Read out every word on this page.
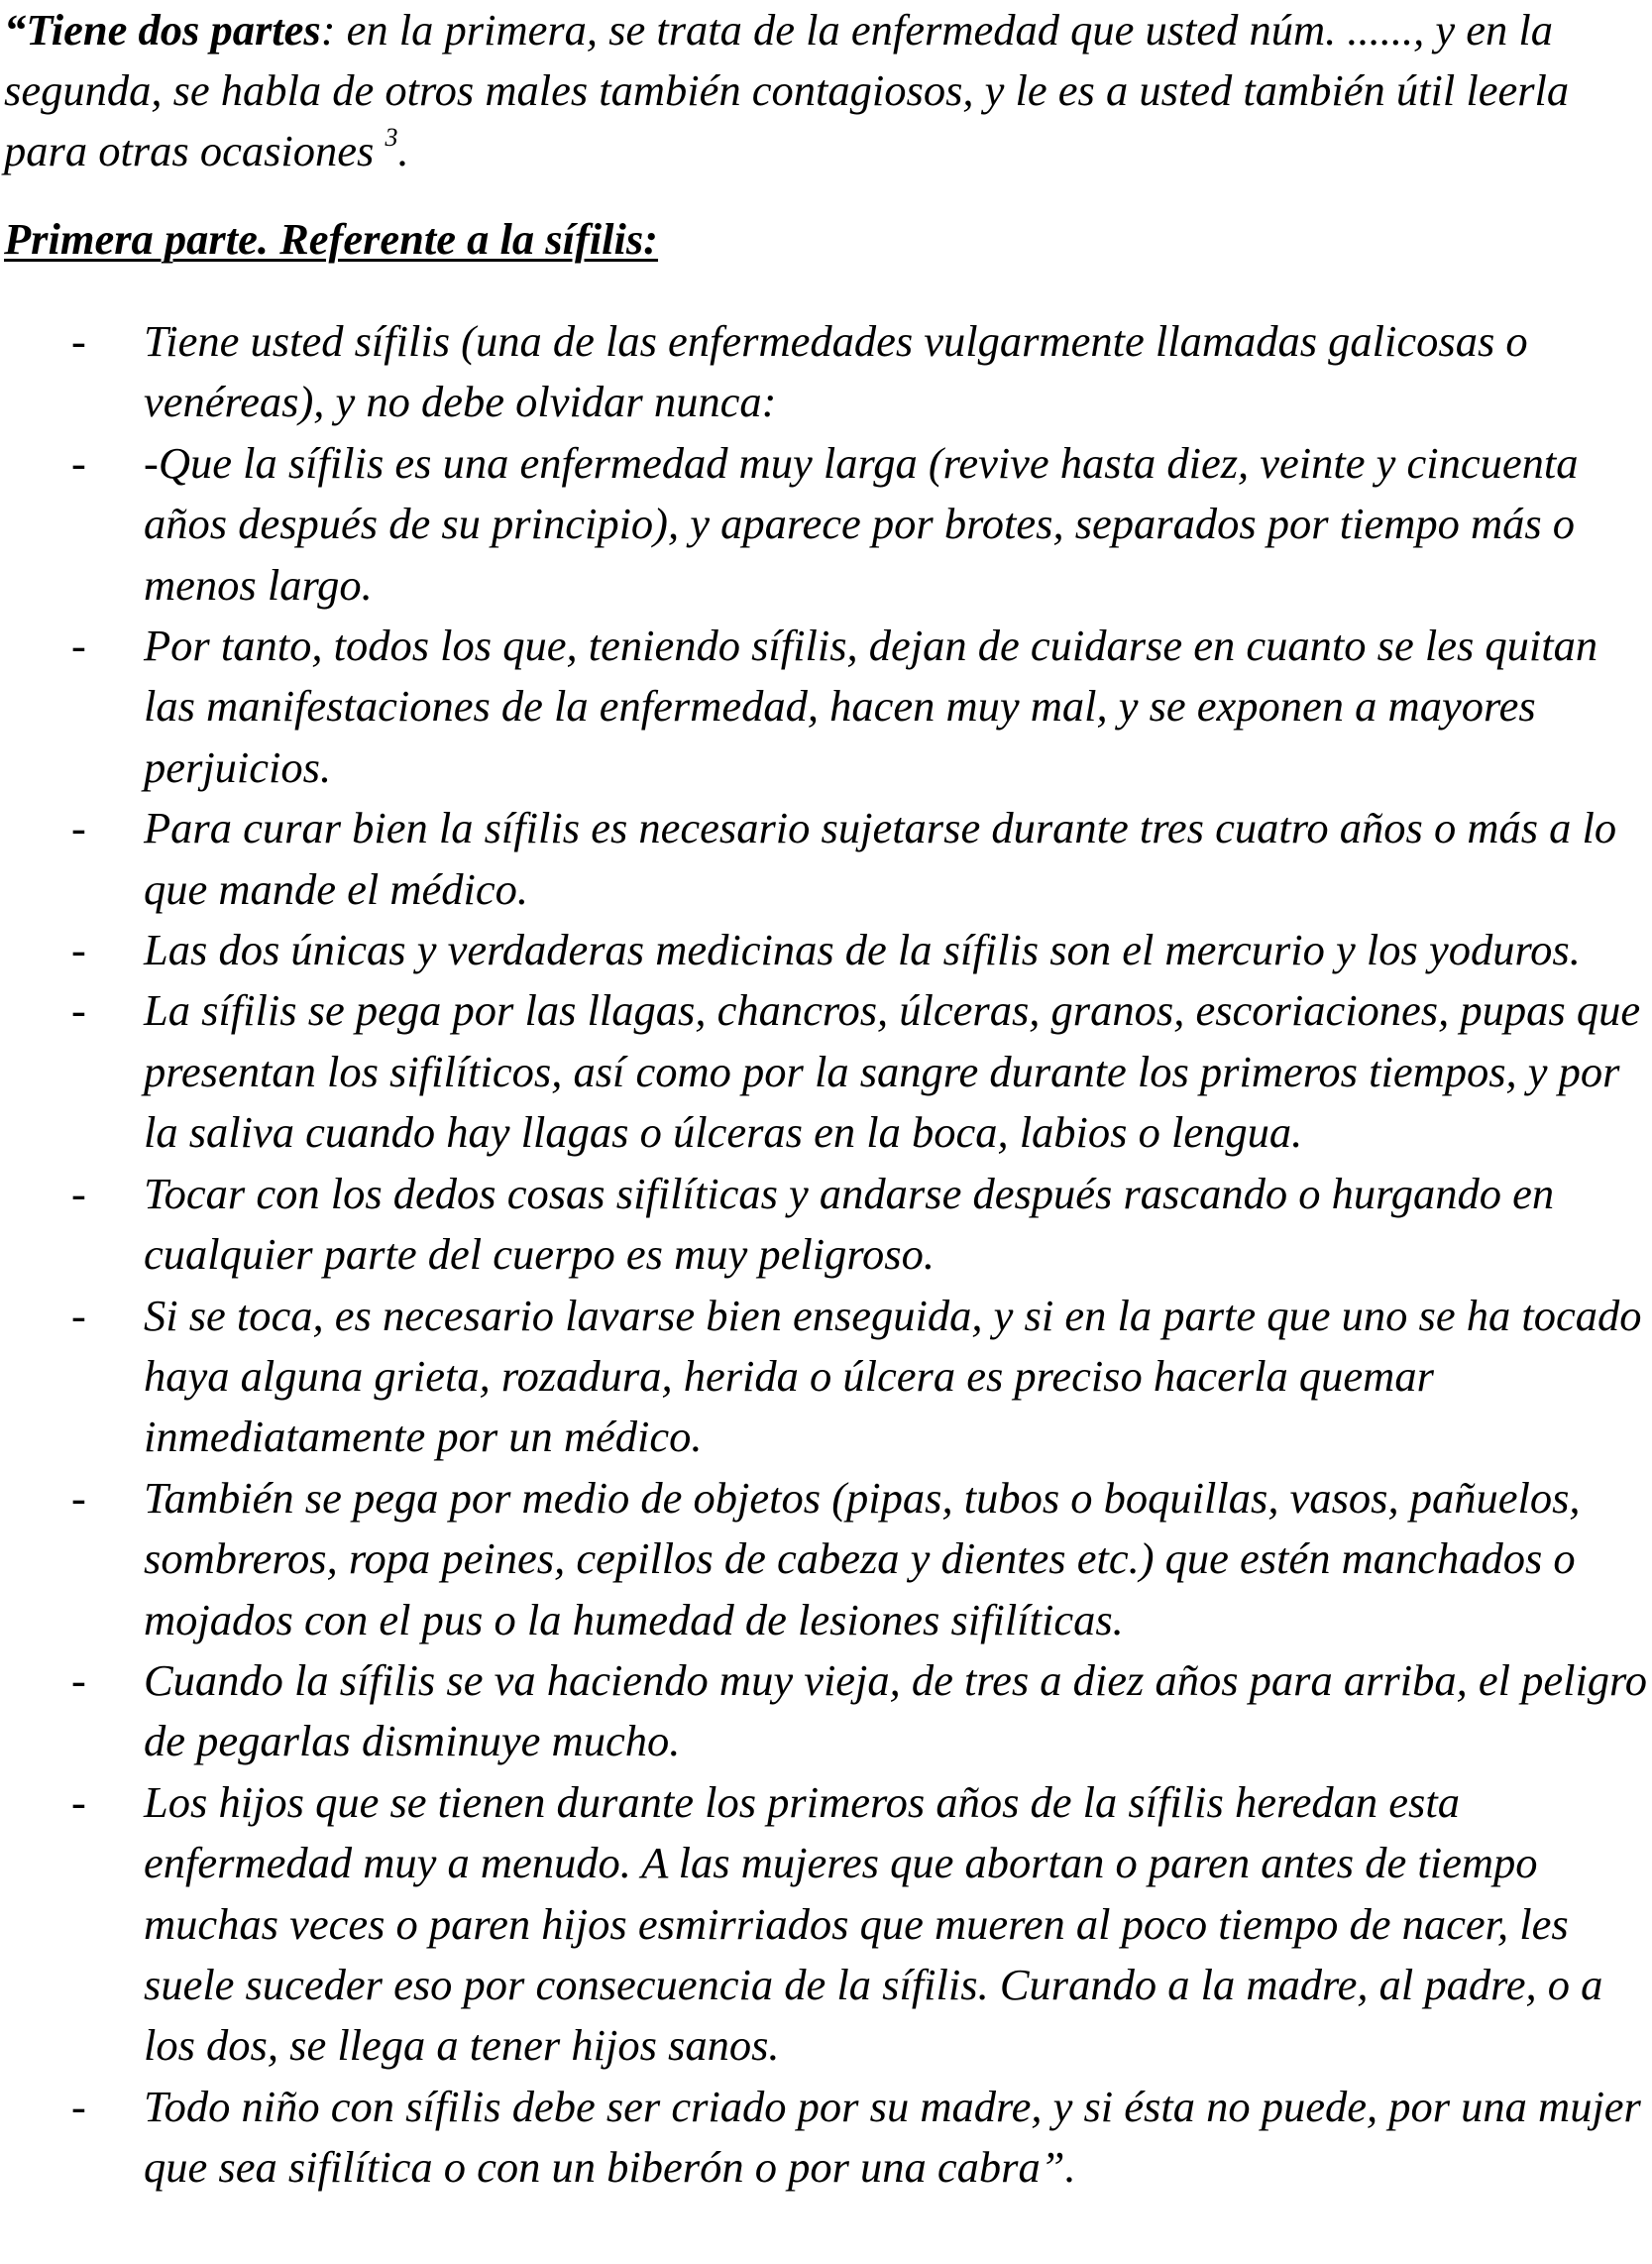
“Tiene dos partes: en la primera, se trata de la enfermedad que usted núm. ......, y en la segunda, se habla de otros males también contagiosos, y le es a usted también útil leerla para otras ocasiones $^3$.

Primera parte. Referente a la sífilis:

- Tiene usted sífilis (una de las enfermedades vulgarmente llamadas galicosas o venéreas), y no debe olvidar nunca:
- -Que la sífilis es una enfermedad muy larga (revive hasta diez, veinte y cincuenta años después de su principio), y aparece por brotes, separados por tiempo más o menos largo.
- Por tanto, todos los que, teniendo sífilis, dejan de cuidarse en cuanto se les quitan las manifestaciones de la enfermedad, hacen muy mal, y se exponen a mayores perjuicios.
- Para curar bien la sífilis es necesario sujetarse durante tres cuatro años o más a lo que mande el médico.
- Las dos únicas y verdaderas medicinas de la sífilis son el mercurio y los yoduros.
- La sífilis se pega por las llagas, chancros, úlceras, granos, escoriaciones, pupas que presentan los sifilíticos, así como por la sangre durante los primeros tiempos, y por la saliva cuando hay llagas o úlceras en la boca, labios o lengua.
- Tocar con los dedos cosas sifilíticas y andarse después rascando o hurgando en cualquier parte del cuerpo es muy peligroso.
- Si se toca, es necesario lavarse bien enseguida, y si en la parte que uno se ha tocado haya alguna grieta, rozadura, herida o úlcera es preciso hacerla quemar inmediatamente por un médico.
- También se pega por medio de objetos (pipas, tubos o boquillas, vasos, pañuelos, sombreros, ropa peines, cepillos de cabeza y dientes etc.) que estén manchados o mojados con el pus o la humedad de lesiones sifilíticas.
- Cuando la sífilis se va haciendo muy vieja, de tres a diez años para arriba, el peligro de pegarlas disminuye mucho.
- Los hijos que se tienen durante los primeros años de la sífilis heredan esta enfermedad muy a menudo. A las mujeres que abortan o paren antes de tiempo muchas veces o paren hijos esmirriados que mueren al poco tiempo de nacer, les suele suceder eso por consecuencia de la sífilis. Curando a la madre, al padre, o a los dos, se llega a tener hijos sanos.
- Todo niño con sífilis debe ser criado por su madre, y si ésta no puede, por una mujer que sea sifilítica o con un biberón o por una cabra”.
